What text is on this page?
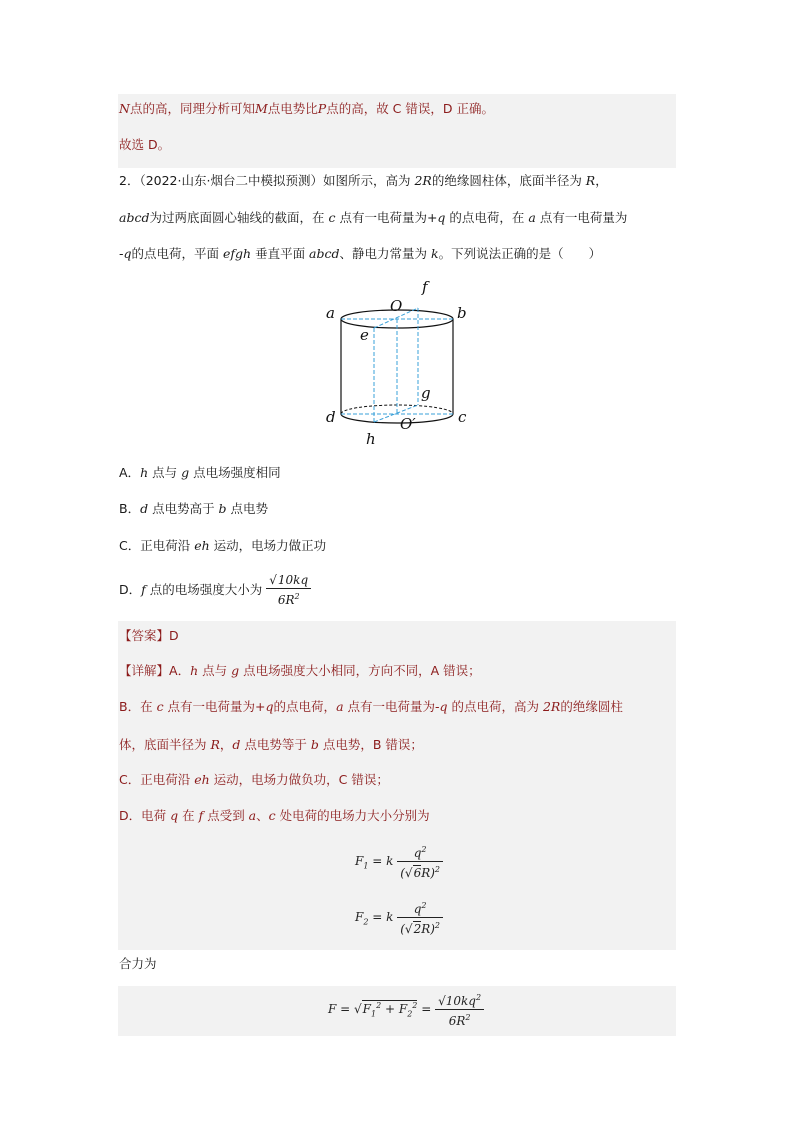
N点的高，同理分析可知M点电势比P点的高，故 C 错误，D 正确。
故选 D。
2．（2022·山东·烟台二中模拟预测）如图所示，高为 2R的绝缘圆柱体，底面半径为 R，
abcd为过两底面圆心轴线的截面，在 c 点有一电荷量为+q 的点电荷，在 a 点有一电荷量为
-q的点电荷，平面 efgh 垂直平面 abcd、静电力常量为 k。下列说法正确的是（　　）
a	b
O
f
e
g
d	c
O′
h
A．h 点与 g 点电场强度相同
B．d 点电势高于 b 点电势
C．正电荷沿 eh 运动，电场力做正功
D．f 点的电场强度大小为 $\frac{√10kq}{6R^2}$
【答案】D
【详解】A．h 点与 g 点电场强度大小相同，方向不同，A 错误；
B．在 c 点有一电荷量为+q的点电荷，a 点有一电荷量为-q 的点电荷，高为 2R的绝缘圆柱
体，底面半径为 R，d 点电势等于 b 点电势，B 错误；
C．正电荷沿 eh 运动，电场力做负功，C 错误；
D．电荷 q 在 f 点受到 a、c 处电荷的电场力大小分别为
$F_1 = k \frac{q^2}{(√6R)^2}$
$F_2 = k \frac{q^2}{(√2R)^2}$
合力为
$F = √F_1^2 + F_2^2 = \frac{√10kq^2}{6R^2}$
